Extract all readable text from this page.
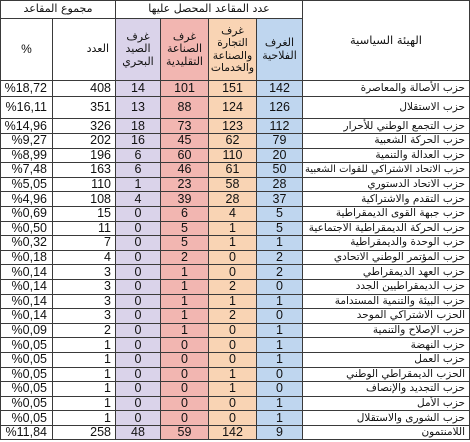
الهيئة السياسية
عدد المقاعد المحصل عليها
مجموع المقاعد
الغرف الفلاحية
غرف التجارة والصناعة والخدمات
غرف الصناعة التقليدية
غرف الصيد البحري
العدد
%
حزب الأصالة والمعاصرة
142
151
101
14
408
%18,72
حزب الاستقلال
126
124
88
13
351
%16,11
حزب التجمع الوطني للأحرار
112
123
73
18
326
%14,96
حزب الحركة الشعبية
79
62
45
16
202
%9,27
حزب العدالة والتنمية
20
110
60
6
196
%8,99
حزب الاتحاد الاشتراكي للقوات الشعبية
50
61
46
6
163
%7,48
حزب الاتحاد الدستوري
28
58
23
1
110
%5,05
حزب التقدم والاشتراكية
37
28
39
4
108
%4,96
حزب جبهة القوى الديمقراطية
5
4
6
0
15
%0,69
حزب الحركة الديمقراطية الاجتماعية
5
1
5
0
11
%0,50
حزب الوحدة والديمقراطية
1
1
5
0
7
%0,32
حزب المؤتمر الوطني الاتحادي
2
0
2
0
4
%0,18
حزب العهد الديمقراطي
2
0
1
0
3
%0,14
حزب الديمقراطيين الجدد
0
2
1
0
3
%0,14
حزب البيئة والتنمية المستدامة
1
1
1
0
3
%0,14
الحزب الاشتراكي الموحد
0
2
1
0
3
%0,14
حزب الإصلاح والتنمية
1
0
1
0
2
%0,09
حزب النهضة
1
0
0
0
1
%0,05
حزب العمل
1
0
0
0
1
%0,05
الحزب الديمقراطي الوطني
0
1
0
0
1
%0,05
حزب التجديد والإنصاف
0
1
0
0
1
%0,05
حزب الأمل
1
0
0
0
1
%0,05
حزب الشورى والاستقلال
1
0
0
0
1
%0,05
اللامنتمون
9
142
59
48
258
%11,84
